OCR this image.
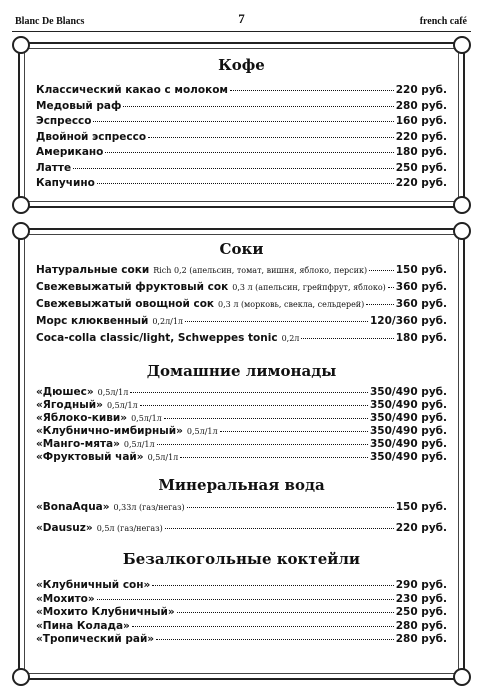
Blanc De Blancs	7	french café
Кофе
Классический какао с молоком	220 руб.
Медовый раф	280 руб.
Эспрессо	160 руб.
Двойной эспрессо	220 руб.
Американо	180 руб.
Латте	250 руб.
Капучино	220 руб.
Соки
Натуральные соки Rich 0,2 (апельсин, томат, вишня, яблоко, персик)	150 руб.
Свежевыжатый фруктовый сок 0,3 л (апельсин, грейпфрут, яблоко) 360 руб.
Свежевыжатый овощной сок 0,3 л (морковь, свекла, сельдерей)	360 руб.
Морс клюквенный 0,2л/1л	120/360 руб.
Coca-colla classic/light, Schweppes tonic 0,2л	180 руб.
Домашние лимонады
«Дюшес» 0,5л/1л	350/490 руб.
«Ягодный» 0,5л/1л	350/490 руб.
«Яблоко-киви» 0,5л/1л	350/490 руб.
«Клубнично-имбирный» 0,5л/1л	350/490 руб.
«Манго-мята» 0,5л/1л	350/490 руб.
«Фруктовый чай» 0,5л/1л	350/490 руб.
Минеральная вода
«BonaAqua» 0,33л (газ/негаз)	150 руб.
«Dausuz» 0,5л (газ/негаз)	220 руб.
Безалкогольные коктейли
«Клубничный сон»	290 руб.
«Мохито»	230 руб.
«Мохито Клубничный»	250 руб.
«Пина Колада»	280 руб.
«Тропический рай»	280 руб.
